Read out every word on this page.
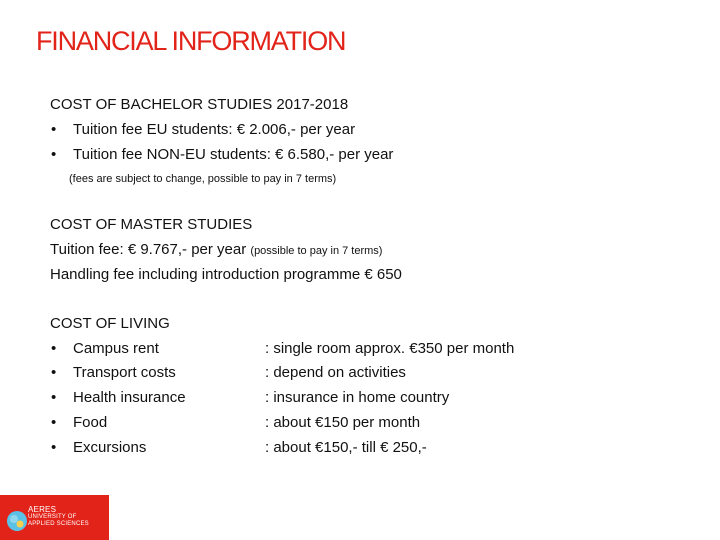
FINANCIAL INFORMATION
COST OF BACHELOR STUDIES 2017-2018
• Tuition fee EU students: € 2.006,- per year
• Tuition fee NON-EU students: € 6.580,- per year
(fees are subject to change, possible to pay in 7 terms)
COST OF MASTER STUDIES
Tuition fee: € 9.767,- per year (possible to pay in 7 terms)
Handling fee including introduction programme € 650
COST OF LIVING
• Campus rent	: single room approx. €350 per month
• Transport costs	: depend on activities
• Health insurance	: insurance in home country
• Food	: about €150 per month
• Excursions	: about €150,- till € 250,-
AERES
UNIVERSITY OF
APPLIED SCIENCES
